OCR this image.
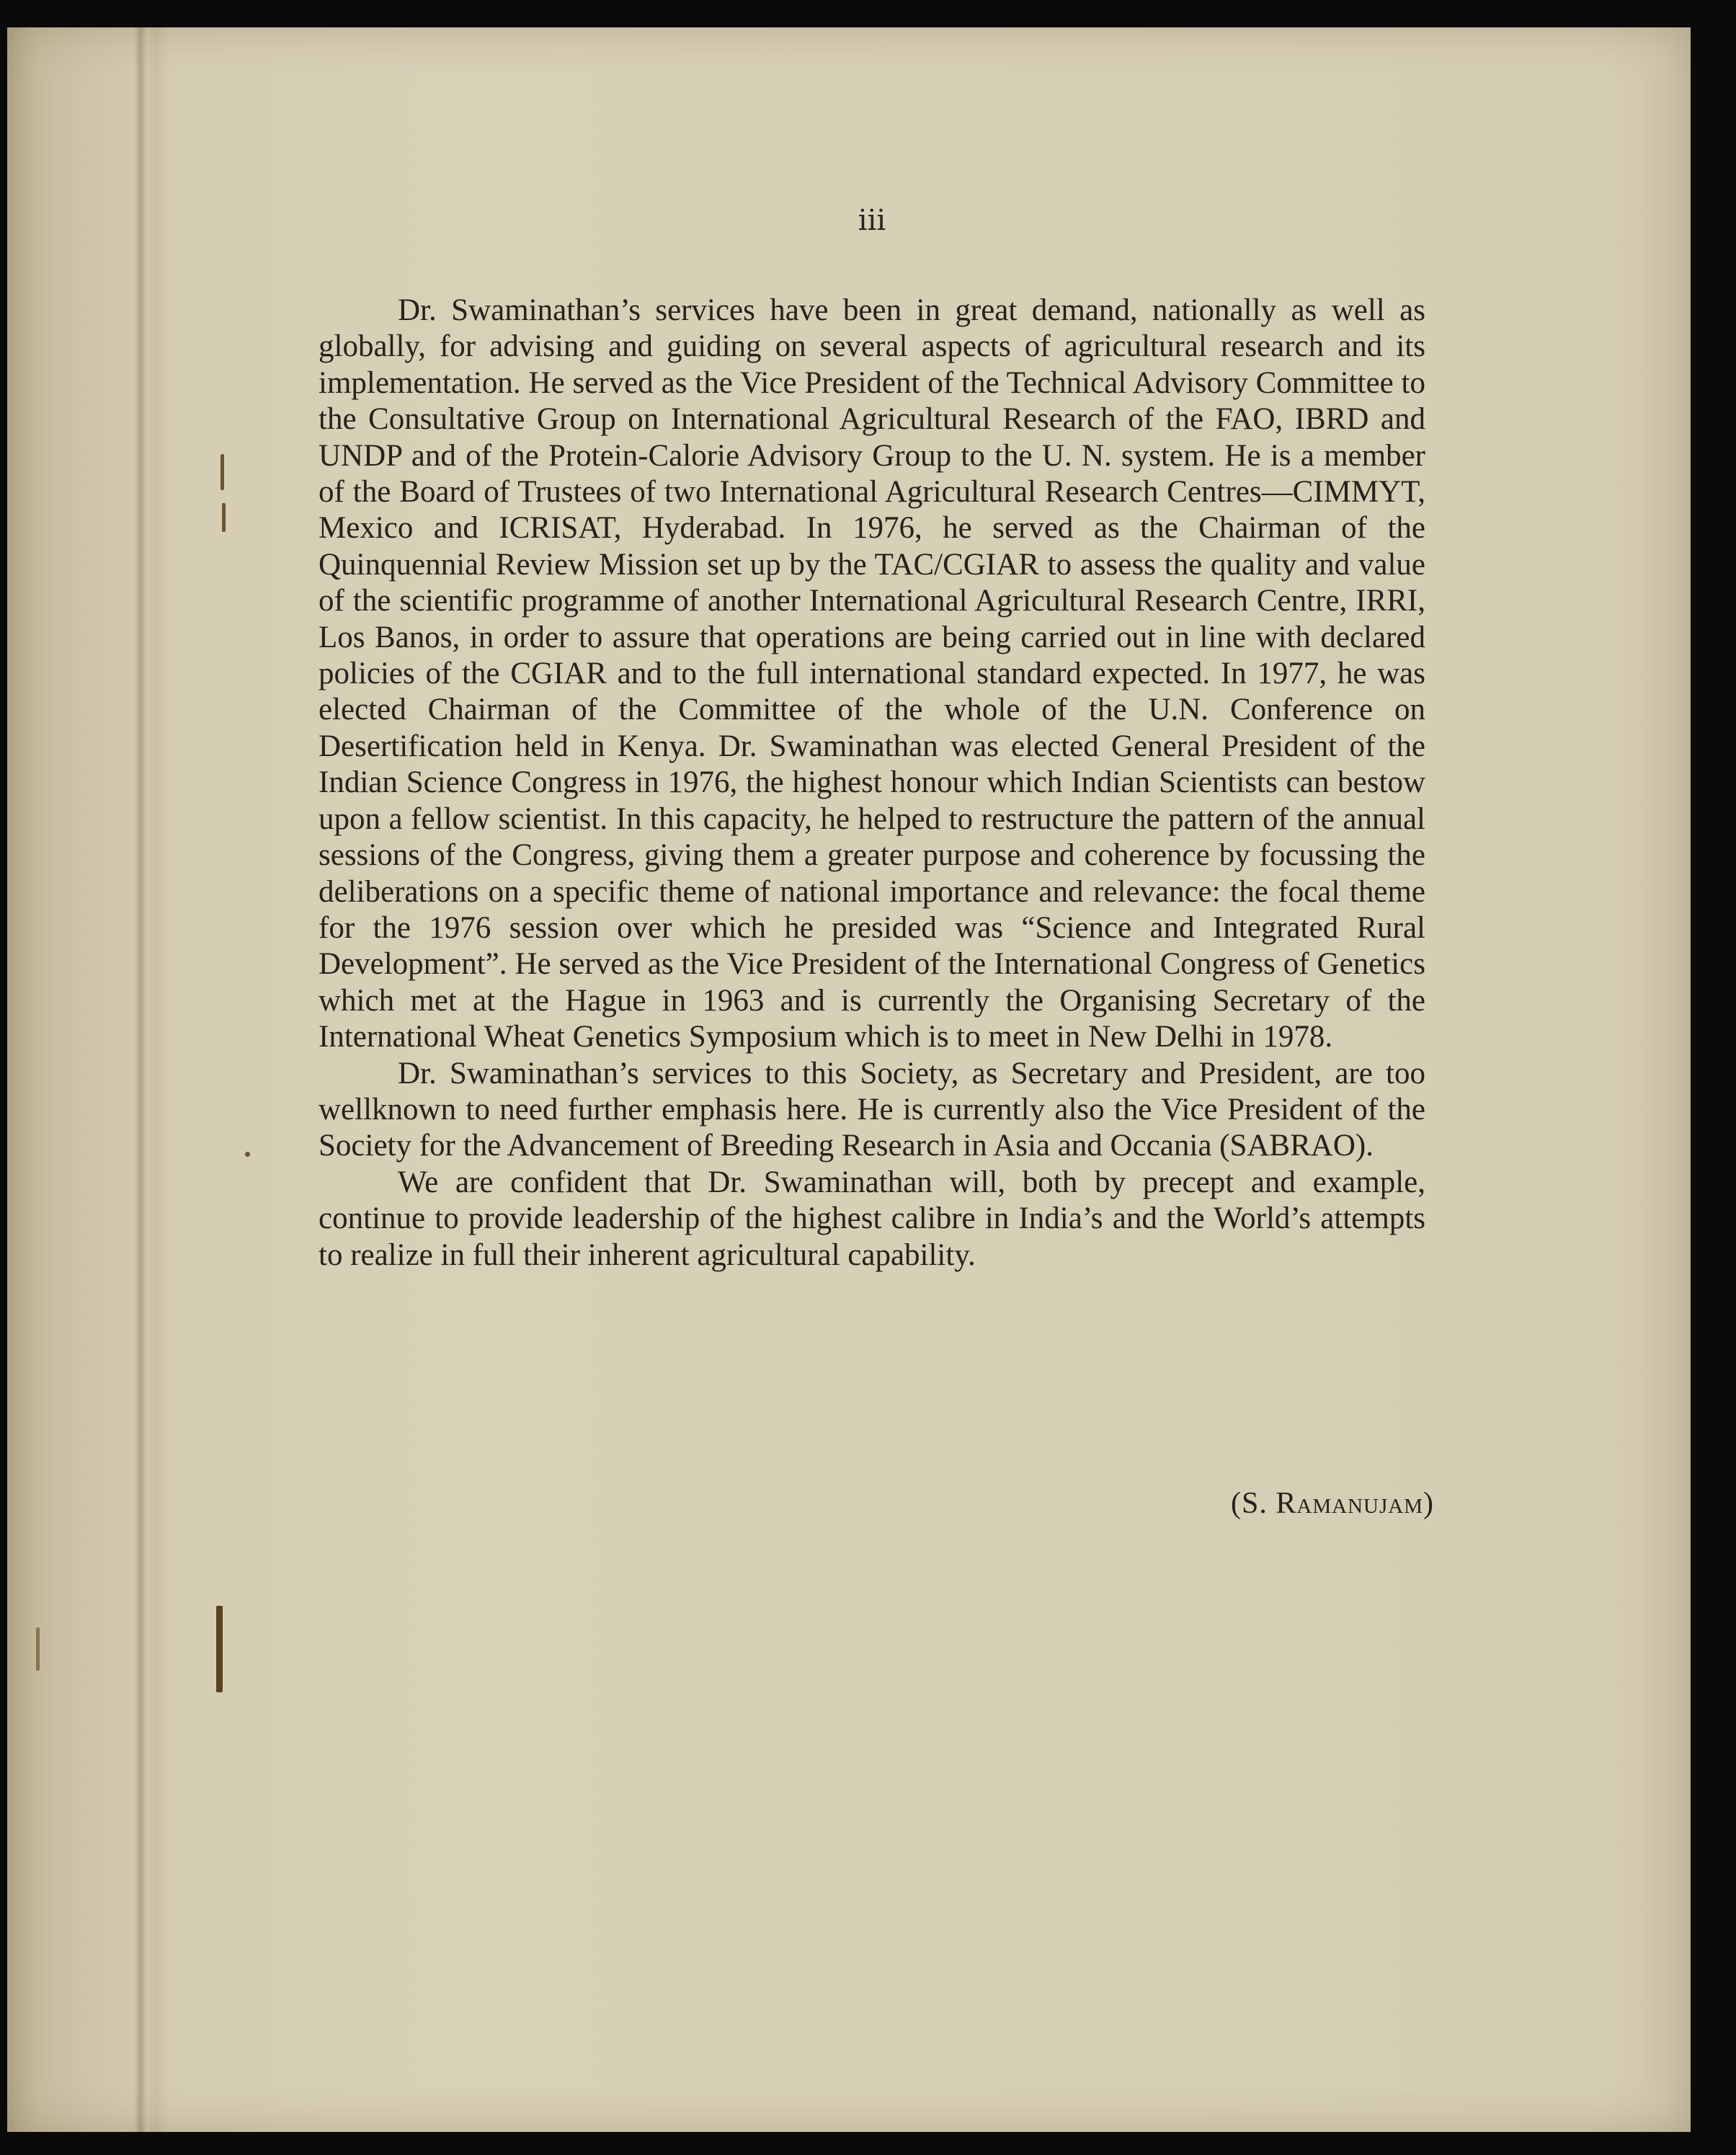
iii

Dr. Swaminathan’s services have been in great demand, nationally as well as globally, for advising and guiding on several aspects of agricultural research and its implementation. He served as the Vice President of the Technical Advisory Committee to the Consultative Group on International Agricultural Research of the FAO, IBRD and UNDP and of the Protein-Calorie Advisory Group to the U. N. system. He is a member of the Board of Trustees of two International Agricultural Research Centres—CIMMYT, Mexico and ICRISAT, Hyderabad. In 1976, he served as the Chairman of the Quinquennial Review Mission set up by the TAC/CGIAR to assess the quality and value of the scientific programme of another International Agricultural Research Centre, IRRI, Los Banos, in order to assure that operations are being carried out in line with declared policies of the CGIAR and to the full international standard expected. In 1977, he was elected Chairman of the Committee of the whole of the U.N. Conference on Desertification held in Kenya. Dr. Swaminathan was elected General President of the Indian Science Congress in 1976, the highest honour which Indian Scientists can bestow upon a fellow scientist. In this capacity, he helped to restructure the pattern of the annual sessions of the Congress, giving them a greater purpose and coherence by focussing the deliberations on a specific theme of national importance and relevance: the focal theme for the 1976 session over which he presided was “Science and Integrated Rural Development”. He served as the Vice President of the International Congress of Genetics which met at the Hague in 1963 and is currently the Organising Secretary of the International Wheat Genetics Symposium which is to meet in New Delhi in 1978.

Dr. Swaminathan’s services to this Society, as Secretary and President, are too wellknown to need further emphasis here. He is currently also the Vice President of the Society for the Advancement of Breeding Research in Asia and Occania (SABRAO).

We are confident that Dr. Swaminathan will, both by precept and example, continue to provide leadership of the highest calibre in India’s and the World’s attempts to realize in full their inherent agricultural capability.

(S. Ramanujam)
